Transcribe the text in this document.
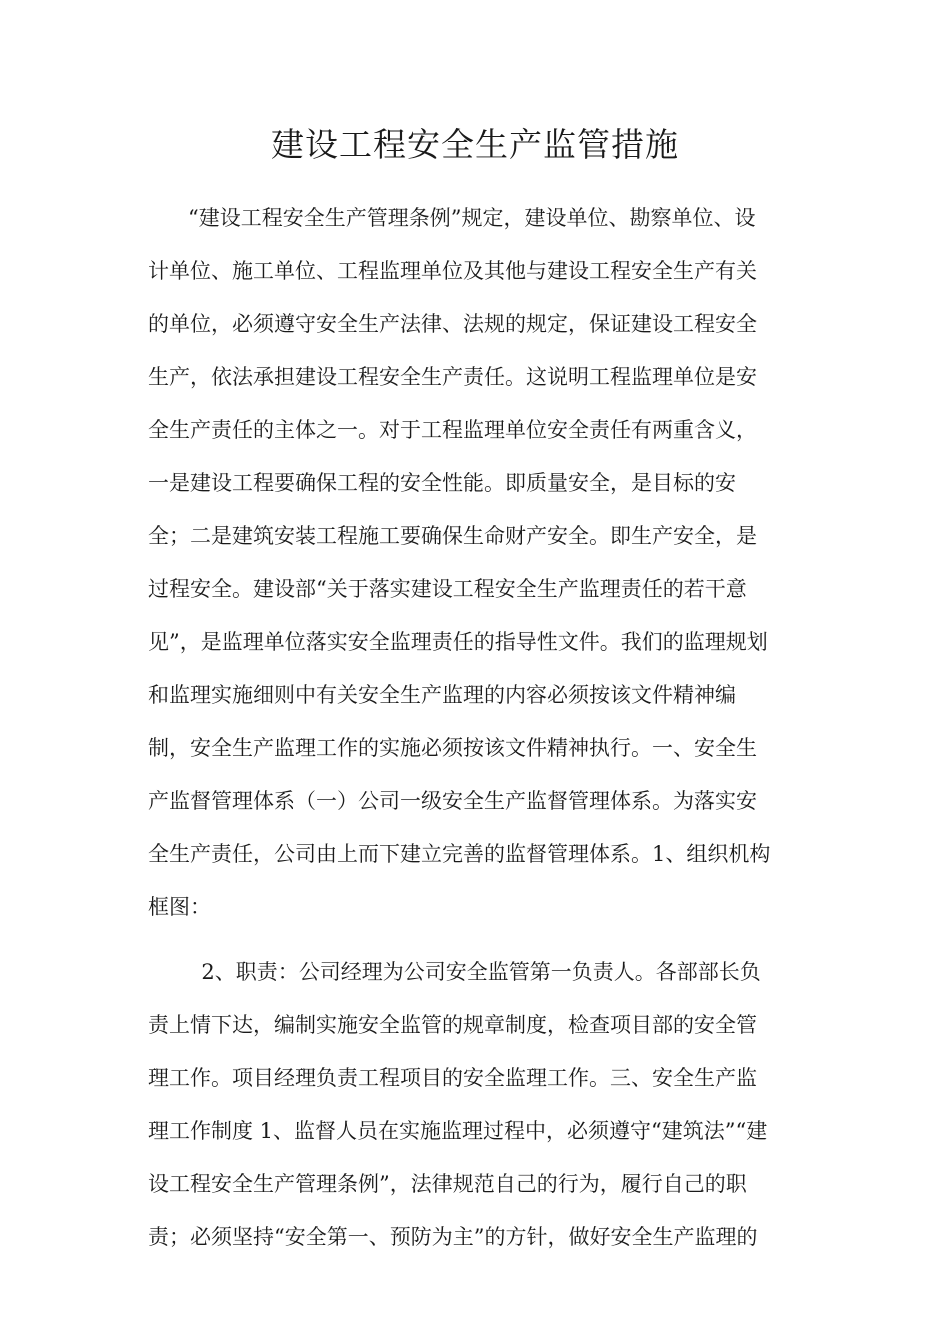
建设工程安全生产监管措施
“建设工程安全生产管理条例”规定，建设单位、勘察单位、设
计单位、施工单位、工程监理单位及其他与建设工程安全生产有关
的单位，必须遵守安全生产法律、法规的规定，保证建设工程安全
生产，依法承担建设工程安全生产责任。这说明工程监理单位是安
全生产责任的主体之一。对于工程监理单位安全责任有两重含义，
一是建设工程要确保工程的安全性能。即质量安全，是目标的安
全；二是建筑安装工程施工要确保生命财产安全。即生产安全，是
过程安全。建设部“关于落实建设工程安全生产监理责任的若干意
见”，是监理单位落实安全监理责任的指导性文件。我们的监理规划
和监理实施细则中有关安全生产监理的内容必须按该文件精神编
制，安全生产监理工作的实施必须按该文件精神执行。一、安全生
产监督管理体系（一）公司一级安全生产监督管理体系。为落实安
全生产责任，公司由上而下建立完善的监督管理体系。1、组织机构
框图：
2、职责：公司经理为公司安全监管第一负责人。各部部长负
责上情下达，编制实施安全监管的规章制度，检查项目部的安全管
理工作。项目经理负责工程项目的安全监理工作。三、安全生产监
理工作制度 1、监督人员在实施监理过程中，必须遵守“建筑法”“建
设工程安全生产管理条例”，法律规范自己的行为，履行自己的职
责；必须坚持“安全第一、预防为主”的方针，做好安全生产监理的
